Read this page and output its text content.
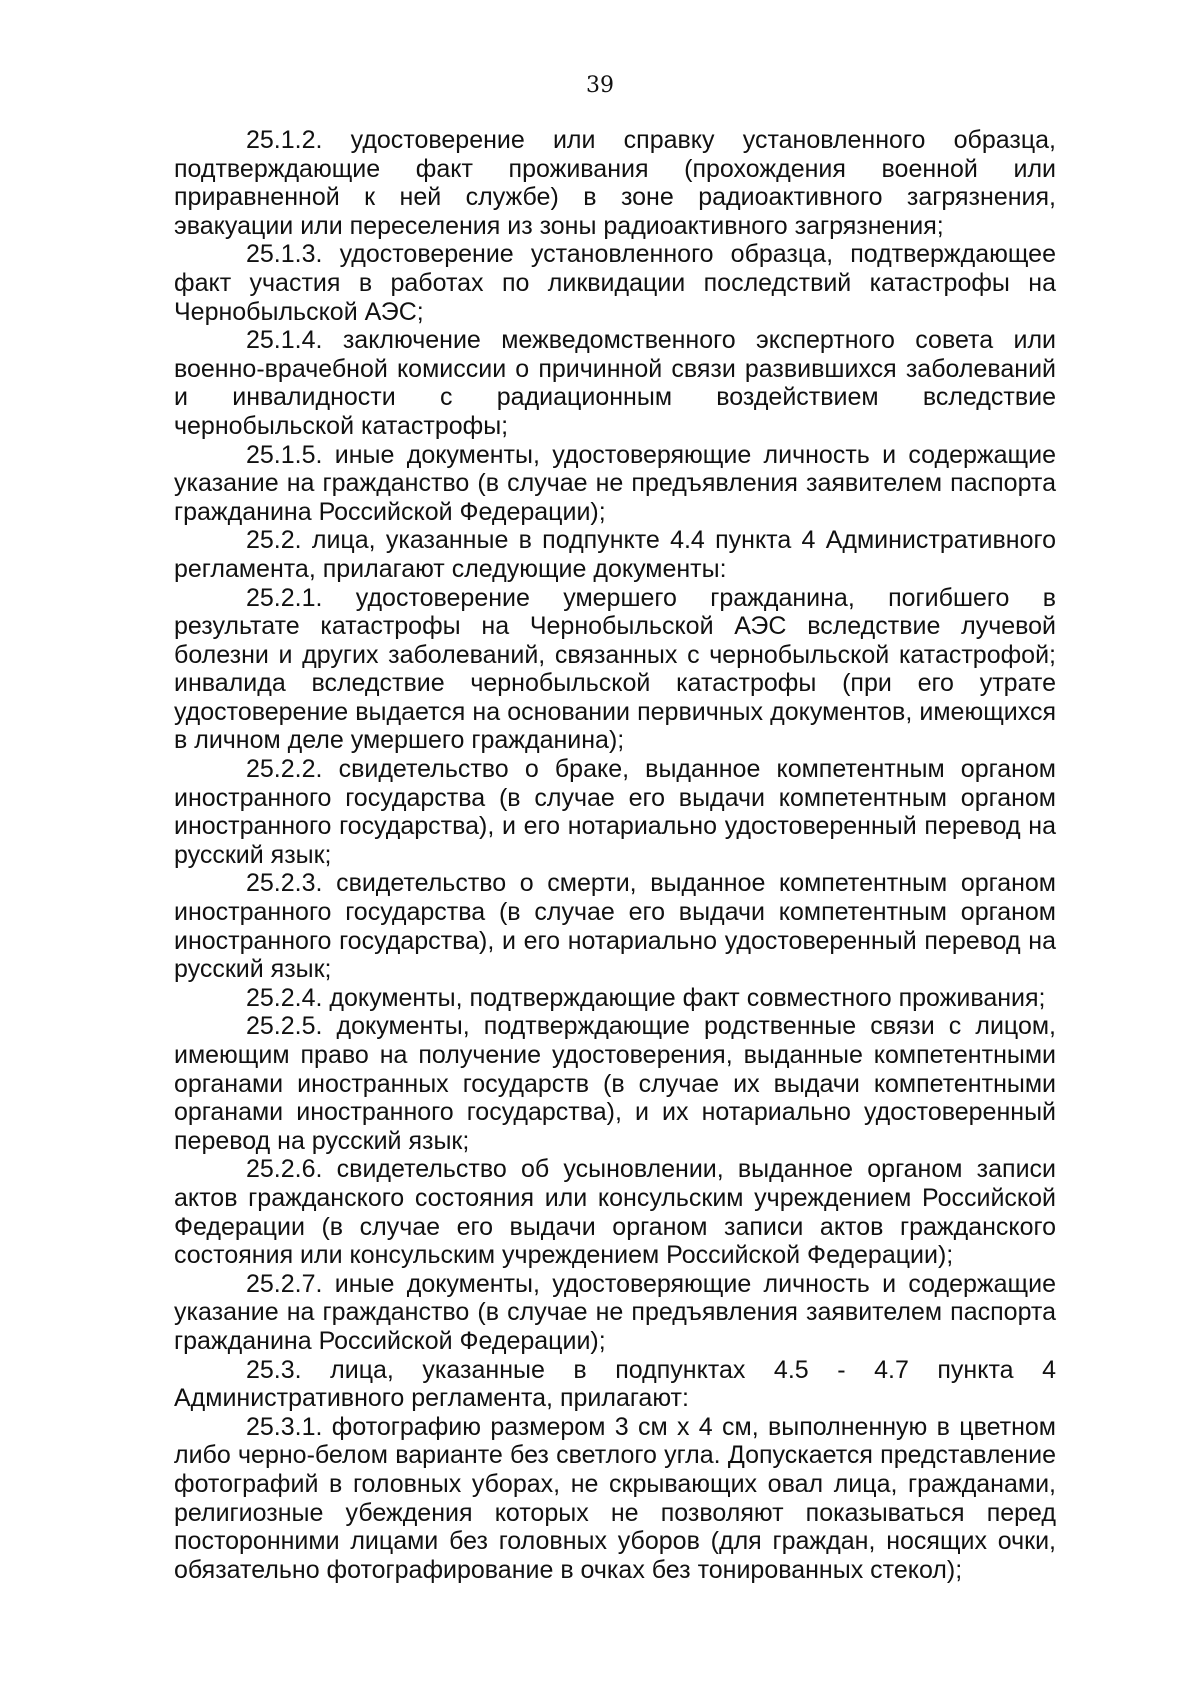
39

25.1.2. удостоверение или справку установленного образца, подтверждающие факт проживания (прохождения военной или приравненной к ней службе) в зоне радиоактивного загрязнения, эвакуации или переселения из зоны радиоактивного загрязнения;

25.1.3. удостоверение установленного образца, подтверждающее факт участия в работах по ликвидации последствий катастрофы на Чернобыльской АЭС;

25.1.4. заключение межведомственного экспертного совета или военно-врачебной комиссии о причинной связи развившихся заболеваний и инвалидности с радиационным воздействием вследствие чернобыльской катастрофы;

25.1.5. иные документы, удостоверяющие личность и содержащие указание на гражданство (в случае не предъявления заявителем паспорта гражданина Российской Федерации);

25.2. лица, указанные в подпункте 4.4 пункта 4 Административного регламента, прилагают следующие документы:

25.2.1. удостоверение умершего гражданина, погибшего в результате катастрофы на Чернобыльской АЭС вследствие лучевой болезни и других заболеваний, связанных с чернобыльской катастрофой; инвалида вследствие чернобыльской катастрофы (при его утрате удостоверение выдается на основании первичных документов, имеющихся в личном деле умершего гражданина);

25.2.2. свидетельство о браке, выданное компетентным органом иностранного государства (в случае его выдачи компетентным органом иностранного государства), и его нотариально удостоверенный перевод на русский язык;

25.2.3. свидетельство о смерти, выданное компетентным органом иностранного государства (в случае его выдачи компетентным органом иностранного государства), и его нотариально удостоверенный перевод на русский язык;

25.2.4. документы, подтверждающие факт совместного проживания;

25.2.5. документы, подтверждающие родственные связи с лицом, имеющим право на получение удостоверения, выданные компетентными органами иностранных государств (в случае их выдачи компетентными органами иностранного государства), и их нотариально удостоверенный перевод на русский язык;

25.2.6. свидетельство об усыновлении, выданное органом записи актов гражданского состояния или консульским учреждением Российской Федерации (в случае его выдачи органом записи актов гражданского состояния или консульским учреждением Российской Федерации);

25.2.7. иные документы, удостоверяющие личность и содержащие указание на гражданство (в случае не предъявления заявителем паспорта гражданина Российской Федерации);

25.3. лица, указанные в подпунктах 4.5 - 4.7 пункта 4 Административного регламента, прилагают:

25.3.1. фотографию размером 3 см x 4 см, выполненную в цветном либо черно-белом варианте без светлого угла. Допускается представление фотографий в головных уборах, не скрывающих овал лица, гражданами, религиозные убеждения которых не позволяют показываться перед посторонними лицами без головных уборов (для граждан, носящих очки, обязательно фотографирование в очках без тонированных стекол);
